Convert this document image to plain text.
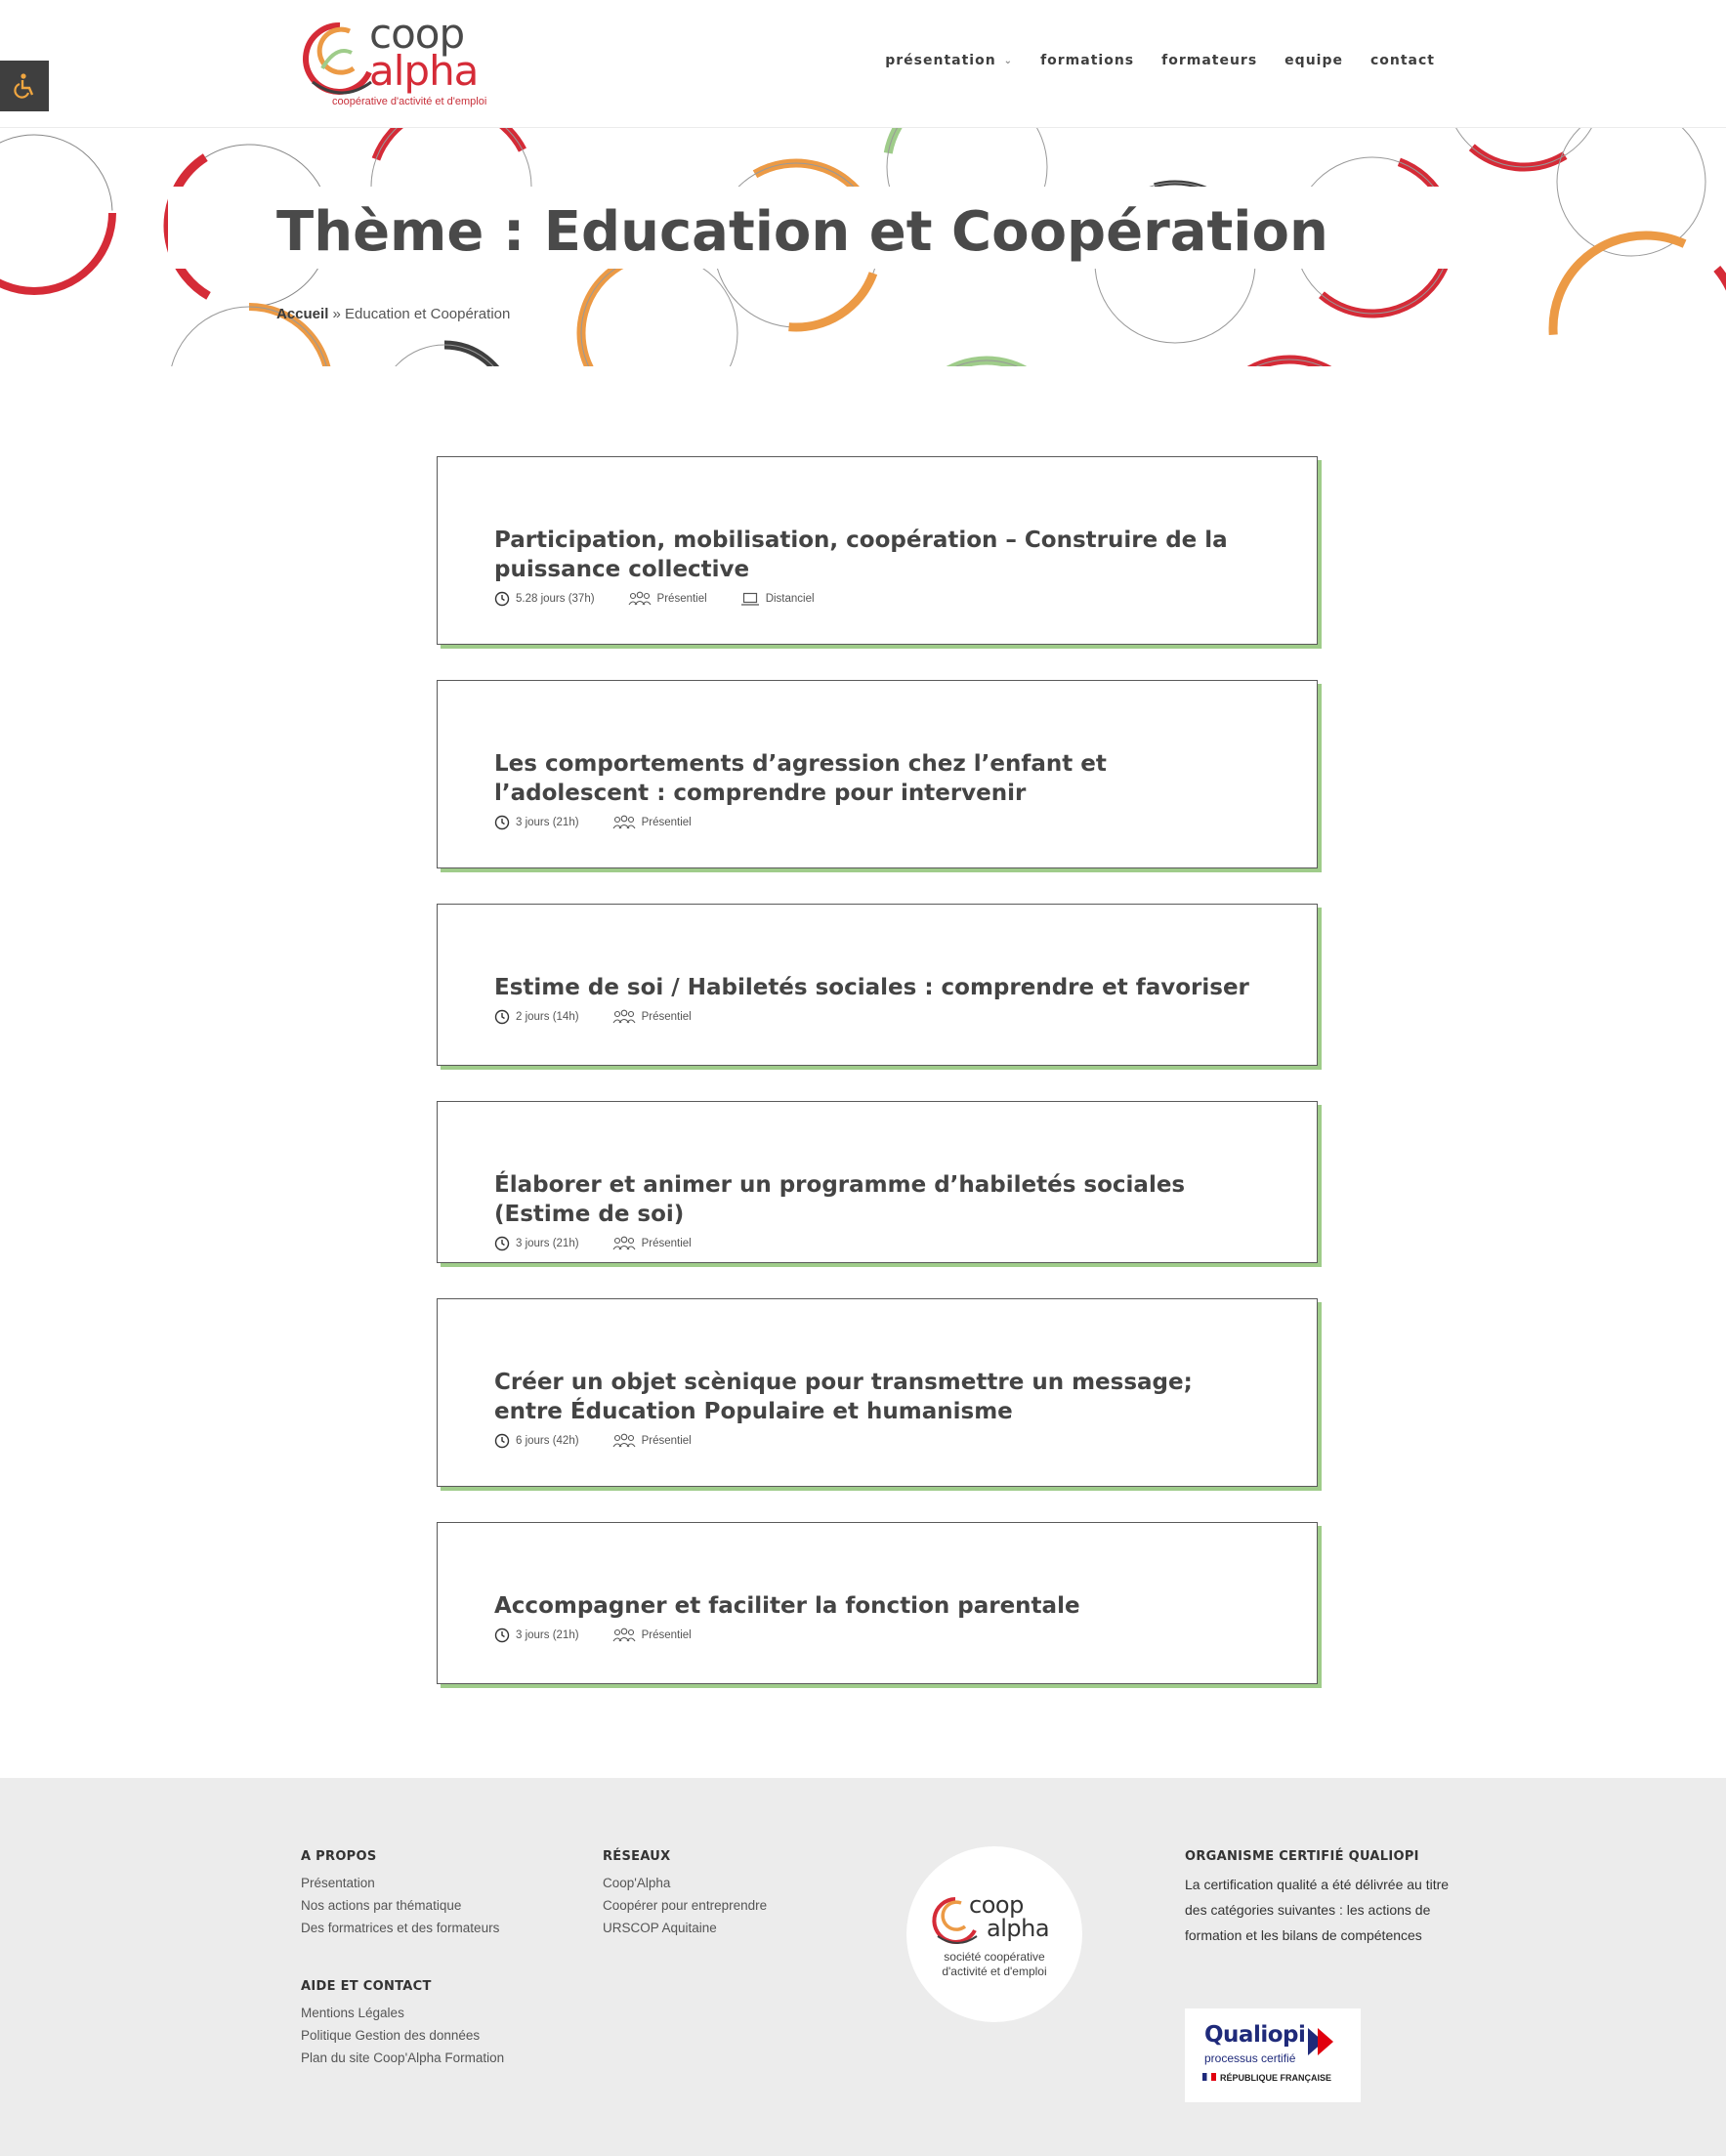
coop
alpha
coopérative d'activité et d'emploi
présentation ⌄ formations formateurs equipe contact
Thème : Education et Coopération
Accueil » Education et Coopération
Participation, mobilisation, coopération – Construire de la puissance collective
5.28 jours (37h)	Présentiel	Distanciel
Les comportements d’agression chez l’enfant et l’adolescent : comprendre pour intervenir
3 jours (21h)	Présentiel
Estime de soi / Habiletés sociales : comprendre et favoriser
2 jours (14h)	Présentiel
Élaborer et animer un programme d’habiletés sociales (Estime de soi)
3 jours (21h)	Présentiel
Créer un objet scènique pour transmettre un message; entre Éducation Populaire et humanisme
6 jours (42h)	Présentiel
Accompagner et faciliter la fonction parentale
3 jours (21h)	Présentiel
A PROPOS
Présentation
Nos actions par thématique
Des formatrices et des formateurs
AIDE ET CONTACT
Mentions Légales
Politique Gestion des données
Plan du site Coop'Alpha Formation
RÉSEAUX
Coop'Alpha
Coopérer pour entreprendre
URSCOP Aquitaine
coop
alpha
société coopérative
d'activité et d'emploi
ORGANISME CERTIFIÉ QUALIOPI
La certification qualité a été délivrée au titre des catégories suivantes : les actions de formation et les bilans de compétences
Qualiopi
processus certifié
RÉPUBLIQUE FRANÇAISE
